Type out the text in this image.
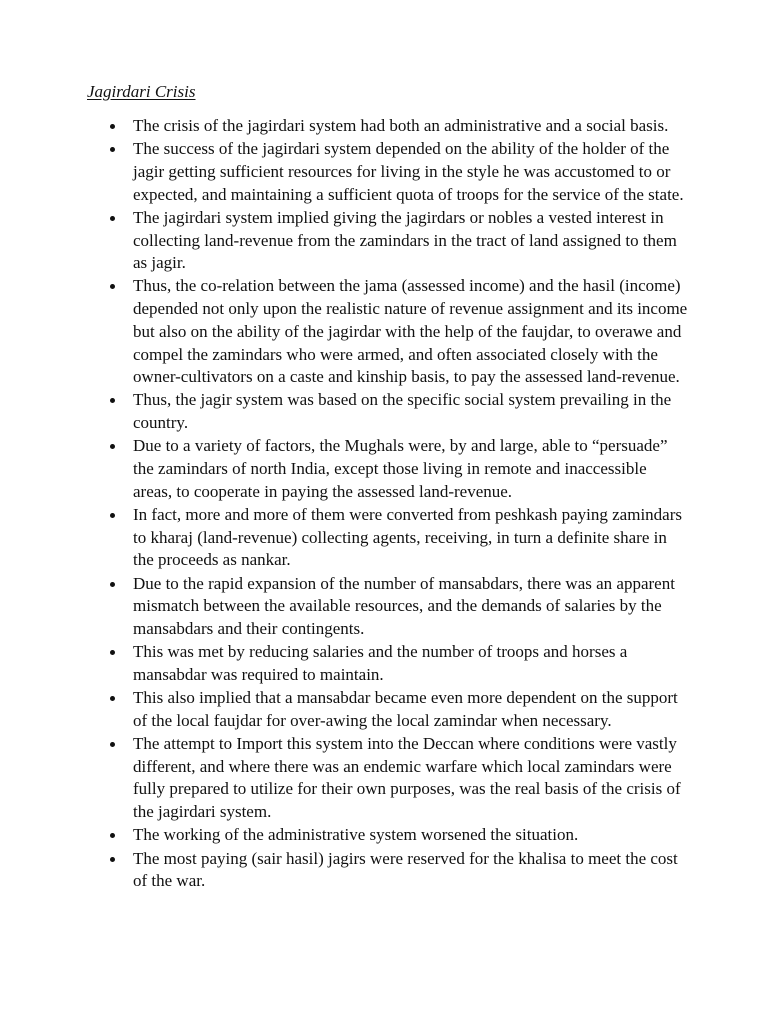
Jagirdari Crisis
The crisis of the jagirdari system had both an administrative and a social basis.
The success of the jagirdari system depended on the ability of the holder of the jagir getting sufficient resources for living in the style he was accustomed to or expected, and maintaining a sufficient quota of troops for the service of the state.
The jagirdari system implied giving the jagirdars or nobles a vested interest in collecting land-revenue from the zamindars in the tract of land assigned to them as jagir.
Thus, the co-relation between the jama (assessed income) and the hasil (income) depended not only upon the realistic nature of revenue assignment and its income but also on the ability of the jagirdar with the help of the faujdar, to overawe and compel the zamindars who were armed, and often associated closely with the owner-cultivators on a caste and kinship basis, to pay the assessed land-revenue.
Thus, the jagir system was based on the specific social system prevailing in the country.
Due to a variety of factors, the Mughals were, by and large, able to “persuade” the zamindars of north India, except those living in remote and inaccessible areas, to cooperate in paying the assessed land-revenue.
In fact, more and more of them were converted from peshkash paying zamindars to kharaj (land-revenue) collecting agents, receiving, in turn a definite share in the proceeds as nankar.
Due to the rapid expansion of the number of mansabdars, there was an apparent mismatch between the available resources, and the demands of salaries by the mansabdars and their contingents.
This was met by reducing salaries and the number of troops and horses a mansabdar was required to maintain.
This also implied that a mansabdar became even more dependent on the support of the local faujdar for over-awing the local zamindar when necessary.
The attempt to Import this system into the Deccan where conditions were vastly different, and where there was an endemic warfare which local zamindars were fully prepared to utilize for their own purposes, was the real basis of the crisis of the jagirdari system.
The working of the administrative system worsened the situation.
The most paying (sair hasil) jagirs were reserved for the khalisa to meet the cost of the war.
